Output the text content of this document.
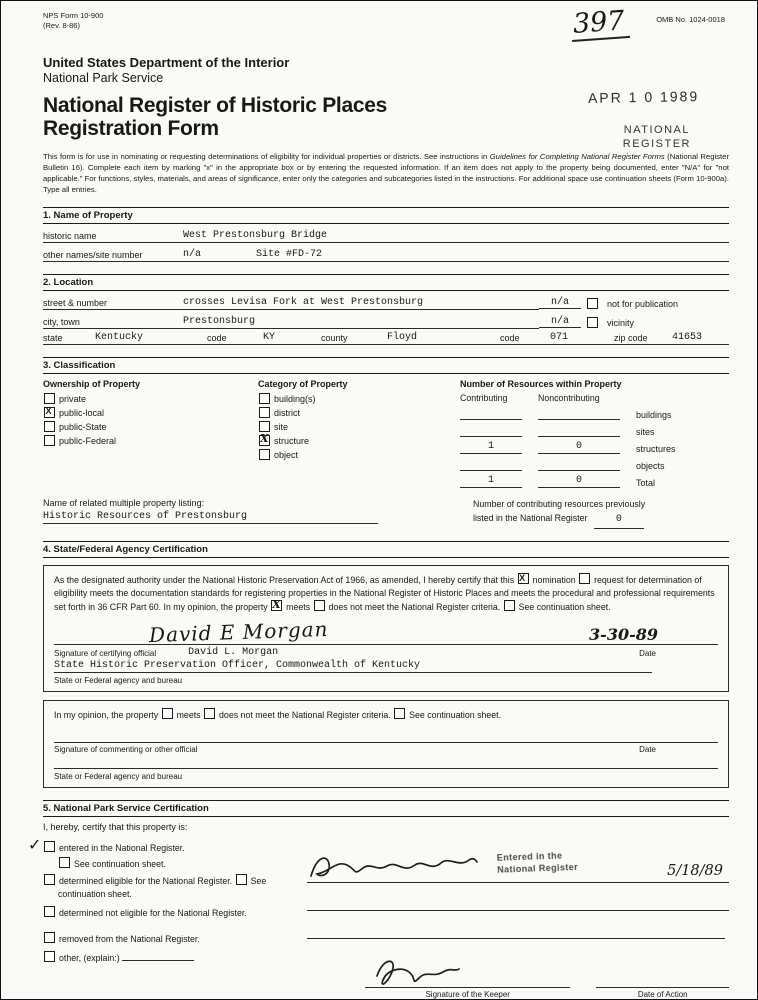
NPS Form 10-900
(Rev. 8-86)	397	OMB No. 1024-0018
United States Department of the Interior
National Park Service
National Register of Historic Places
Registration Form
APR 1 0 1989
NATIONAL
REGISTER
This form is for use in nominating or requesting determinations of eligibility for individual properties or districts. See instructions in Guidelines for Completing National Register Forms (National Register Bulletin 16). Complete each item by marking "x" in the appropriate box or by entering the requested information. If an item does not apply to the property being documented, enter "N/A" for "not applicable." For functions, styles, materials, and areas of significance, enter only the categories and subcategories listed in the instructions. For additional space use continuation sheets (Form 10-900a). Type all entries.
1. Name of Property
historic name	West Prestonsburg Bridge
other names/site number	n/a	Site #FD-72
2. Location
street & number	crosses Levisa Fork at West Prestonsburg	n/a	not for publication
city, town	Prestonsburg	n/a	vicinity
state	Kentucky	code	KY	county	Floyd	code	071	zip code	41653
3. Classification
Ownership of Property
private
X
public-local
public-State
public-Federal
Category of Property
building(s)
district
site
X
structure
object
Number of Resources within Property
Contributing	Noncontributing
buildings
sites
1	0	structures
objects
1	0	Total
Name of related multiple property listing:
Historic Resources of Prestonsburg
Number of contributing resources previously
listed in the National Register	0
4. State/Federal Agency Certification

As the designated authority under the National Historic Preservation Act of 1966, as amended, I hereby certify that this X nomination request for determination of eligibility meets the documentation standards for registering properties in the National Register of Historic Places and meets the procedural and professional requirements set forth in 36 CFR Part 60. In my opinion, the property X meets does not meet the National Register criteria. See continuation sheet.

David E Morgan	3-30-89
Signature of certifying official	David L. Morgan	Date
State Historic Preservation Officer, Commonwealth of Kentucky
State or Federal agency and bureau

In my opinion, the property meets does not meet the National Register criteria. See continuation sheet.

Signature of commenting or other official	Date
State or Federal agency and bureau
5. National Park Service Certification
I, hereby, certify that this property is:
✓entered in the National Register.
See continuation sheet.
determined eligible for the National Register. See continuation sheet.
determined not eligible for the National Register.
removed from the National Register.
other, (explain:)
Entered in the
National Register	5/18/89
Signature of the Keeper	Date of Action
